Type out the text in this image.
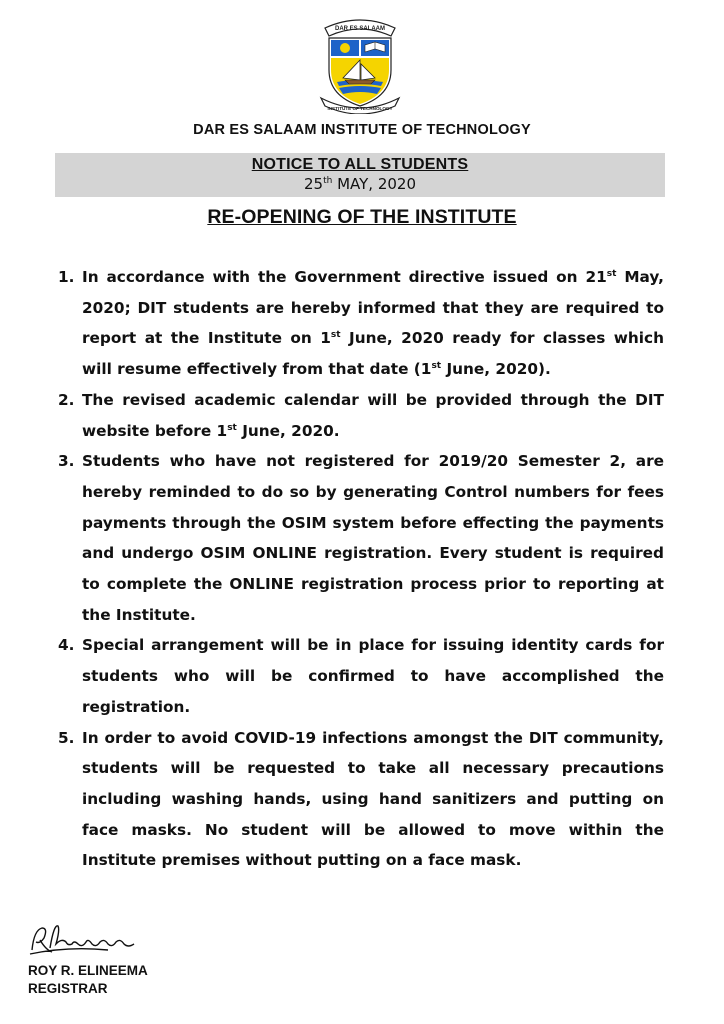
DAR ES SALAAM
INSTITUTE OF TECHNOLOGY
DAR ES SALAAM INSTITUTE OF TECHNOLOGY
NOTICE TO ALL STUDENTS
25th MAY, 2020
RE-OPENING OF THE INSTITUTE
1. In accordance with the Government directive issued on 21st May, 2020; DIT students are hereby informed that they are required to report at the Institute on 1st June, 2020 ready for classes which will resume effectively from that date (1st June, 2020).
2. The revised academic calendar will be provided through the DIT website before 1st June, 2020.
3. Students who have not registered for 2019/20 Semester 2, are hereby reminded to do so by generating Control numbers for fees payments through the OSIM system before effecting the payments and undergo OSIM ONLINE registration. Every student is required to complete the ONLINE registration process prior to reporting at the Institute.
4. Special arrangement will be in place for issuing identity cards for students who will be confirmed to have accomplished the registration.
5. In order to avoid COVID-19 infections amongst the DIT community, students will be requested to take all necessary precautions including washing hands, using hand sanitizers and putting on face masks. No student will be allowed to move within the Institute premises without putting on a face mask.
ROY R. ELINEEMA
REGISTRAR
